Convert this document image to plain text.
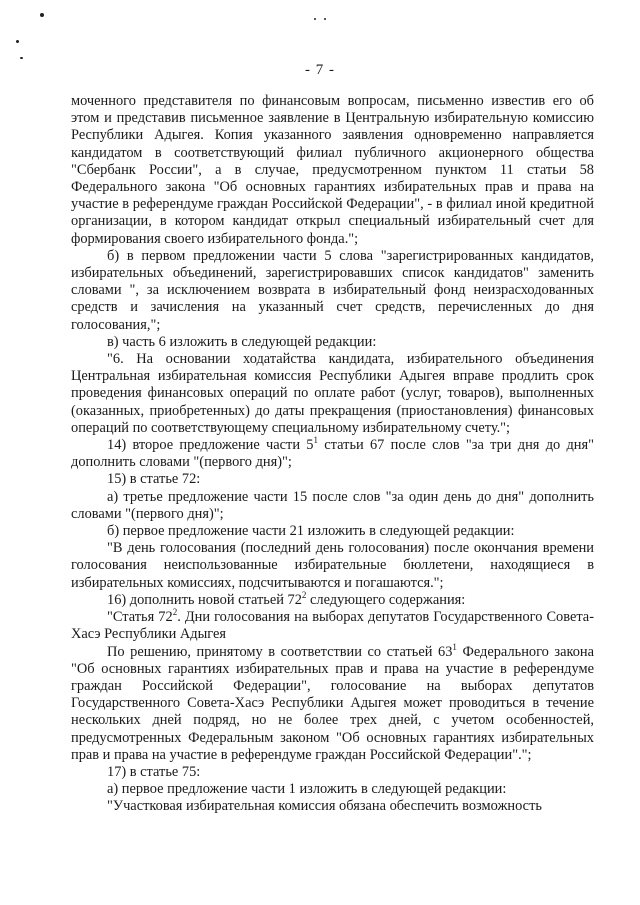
- 7 -

моченного представителя по финансовым вопросам, письменно известив его об этом и представив письменное заявление в Центральную избирательную комиссию Республики Адыгея. Копия указанного заявления одновременно направляется кандидатом в соответствующий филиал публичного акционерного общества "Сбербанк России", а в случае, предусмотренном пунктом 11 статьи 58 Федерального закона "Об основных гарантиях избирательных прав и права на участие в референдуме граждан Российской Федерации", - в филиал иной кредитной организации, в котором кандидат открыл специальный избирательный счет для формирования своего избирательного фонда.";

б) в первом предложении части 5 слова "зарегистрированных кандидатов, избирательных объединений, зарегистрировавших список кандидатов" заменить словами ", за исключением возврата в избирательный фонд неизрасходованных средств и зачисления на указанный счет средств, перечисленных до дня голосования,";

в) часть 6 изложить в следующей редакции:

"6. На основании ходатайства кандидата, избирательного объединения Центральная избирательная комиссия Республики Адыгея вправе продлить срок проведения финансовых операций по оплате работ (услуг, товаров), выполненных (оказанных, приобретенных) до даты прекращения (приостановления) финансовых операций по соответствующему специальному избирательному счету.";

14) второе предложение части $5^1$ статьи 67 после слов "за три дня до дня" дополнить словами "(первого дня)";

15) в статье 72:

а) третье предложение части 15 после слов "за один день до дня" дополнить словами "(первого дня)";

б) первое предложение части 21 изложить в следующей редакции:

"В день голосования (последний день голосования) после окончания времени голосования неиспользованные избирательные бюллетени, находящиеся в избирательных комиссиях, подсчитываются и погашаются.";

16) дополнить новой статьей $72^2$ следующего содержания:

"Статья $72^2$. Дни голосования на выборах депутатов Государственного Совета-Хасэ Республики Адыгея

По решению, принятому в соответствии со статьей $63^1$ Федерального закона "Об основных гарантиях избирательных прав и права на участие в референдуме граждан Российской Федерации", голосование на выборах депутатов Государственного Совета-Хасэ Республики Адыгея может проводиться в течение нескольких дней подряд, но не более трех дней, с учетом особенностей, предусмотренных Федеральным законом "Об основных гарантиях избирательных прав и права на участие в референдуме граждан Российской Федерации".";

17) в статье 75:

а) первое предложение части 1 изложить в следующей редакции:

"Участковая избирательная комиссия обязана обеспечить возможность
